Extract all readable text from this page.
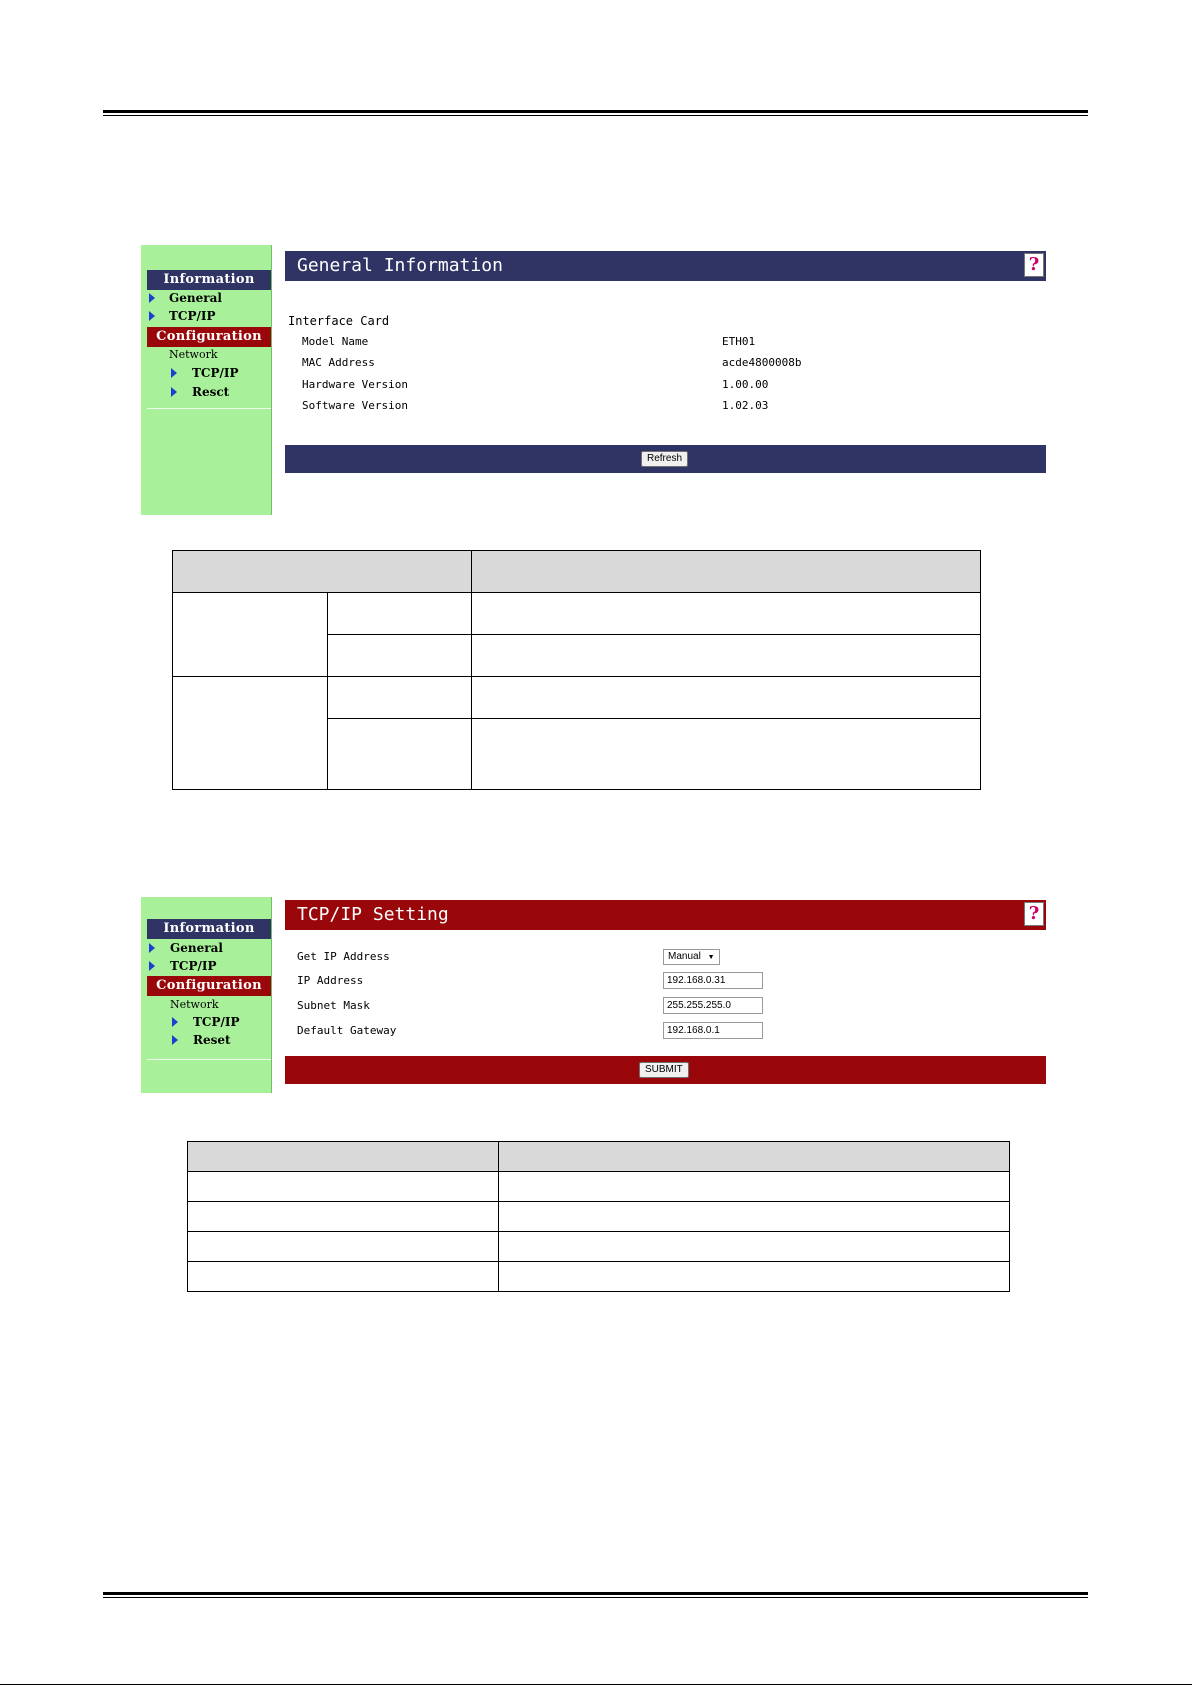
Information
General
TCP/IP
Configuration
Network
TCP/IP
Resct
General Information	?
Interface Card
Model Name	ETH01
MAC Address	acde4800008b
Hardware Version	1.00.00
Software Version	1.02.03
Refresh

Information
General
TCP/IP
Configuration
Network
TCP/IP
Reset
TCP/IP Setting	?
Get IP Address	Manual ▼
IP Address	192.168.0.31
Subnet Mask	255.255.255.0
Default Gateway	192.168.0.1
SUBMIT
